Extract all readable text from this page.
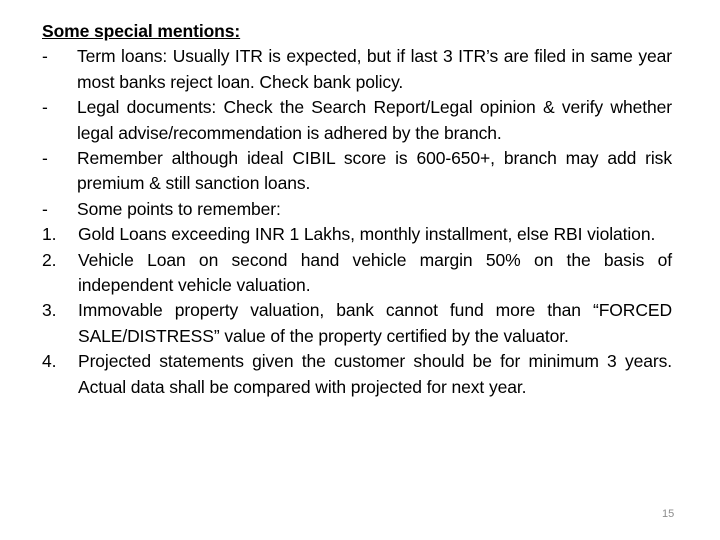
Some special mentions:

- Term loans: Usually ITR is expected, but if last 3 ITR’s are filed in same year most banks reject loan. Check bank policy.
- Legal documents: Check the Search Report/Legal opinion & verify whether legal advise/recommendation is adhered by the branch.
- Remember although ideal CIBIL score is 600-650+, branch may add risk premium & still sanction loans.
- Some points to remember:
1. Gold Loans exceeding INR 1 Lakhs, monthly installment, else RBI violation.
2. Vehicle Loan on second hand vehicle margin 50% on the basis of independent vehicle valuation.
3. Immovable property valuation, bank cannot fund more than “FORCED SALE/DISTRESS” value of the property certified by the valuator.
4. Projected statements given the customer should be for minimum 3 years. Actual data shall be compared with projected for next year.
15
